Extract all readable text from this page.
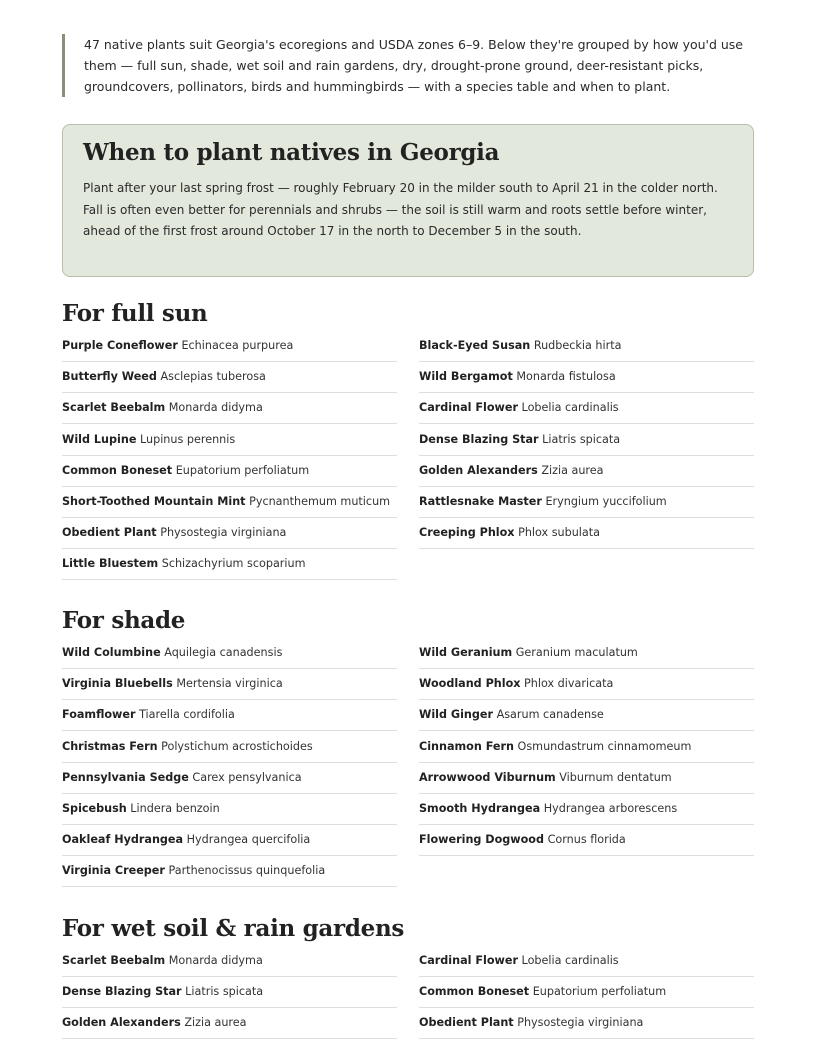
47 native plants suit Georgia's ecoregions and USDA zones 6–9. Below they're grouped by how you'd use them — full sun, shade, wet soil and rain gardens, dry, drought-prone ground, deer-resistant picks, groundcovers, pollinators, birds and hummingbirds — with a species table and when to plant.
When to plant natives in Georgia

Plant after your last spring frost — roughly February 20 in the milder south to April 21 in the colder north. Fall is often even better for perennials and shrubs — the soil is still warm and roots settle before winter, ahead of the first frost around October 17 in the north to December 5 in the south.

For full sun
Purple Coneflower Echinacea purpurea
Butterfly Weed Asclepias tuberosa
Scarlet Beebalm Monarda didyma
Wild Lupine Lupinus perennis
Common Boneset Eupatorium perfoliatum
Short-Toothed Mountain Mint Pycnanthemum muticum
Obedient Plant Physostegia virginiana
Little Bluestem Schizachyrium scoparium
Black-Eyed Susan Rudbeckia hirta
Wild Bergamot Monarda fistulosa
Cardinal Flower Lobelia cardinalis
Dense Blazing Star Liatris spicata
Golden Alexanders Zizia aurea
Rattlesnake Master Eryngium yuccifolium
Creeping Phlox Phlox subulata
For shade
Wild Columbine Aquilegia canadensis
Virginia Bluebells Mertensia virginica
Foamflower Tiarella cordifolia
Christmas Fern Polystichum acrostichoides
Pennsylvania Sedge Carex pensylvanica
Spicebush Lindera benzoin
Oakleaf Hydrangea Hydrangea quercifolia
Virginia Creeper Parthenocissus quinquefolia
Wild Geranium Geranium maculatum
Woodland Phlox Phlox divaricata
Wild Ginger Asarum canadense
Cinnamon Fern Osmundastrum cinnamomeum
Arrowwood Viburnum Viburnum dentatum
Smooth Hydrangea Hydrangea arborescens
Flowering Dogwood Cornus florida
For wet soil & rain gardens
Scarlet Beebalm Monarda didyma
Dense Blazing Star Liatris spicata
Golden Alexanders Zizia aurea
Cardinal Flower Lobelia cardinalis
Common Boneset Eupatorium perfoliatum
Obedient Plant Physostegia virginiana
